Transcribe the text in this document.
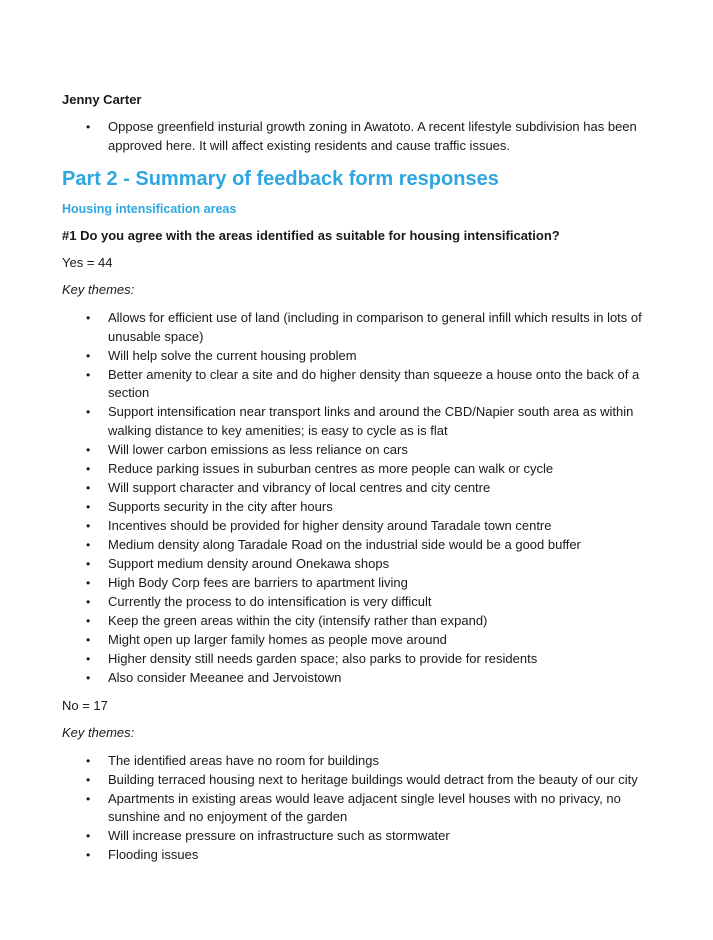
Jenny Carter
• Oppose greenfield insturial growth zoning in Awatoto. A recent lifestyle subdivision has been approved here. It will affect existing residents and cause traffic issues.
Part 2 - Summary of feedback form responses
Housing intensification areas
#1 Do you agree with the areas identified as suitable for housing intensification?
Yes = 44
Key themes:
• Allows for efficient use of land (including in comparison to general infill which results in lots of unusable space)
• Will help solve the current housing problem
• Better amenity to clear a site and do higher density than squeeze a house onto the back of a section
• Support intensification near transport links and around the CBD/Napier south area as within walking distance to key amenities; is easy to cycle as is flat
• Will lower carbon emissions as less reliance on cars
• Reduce parking issues in suburban centres as more people can walk or cycle
• Will support character and vibrancy of local centres and city centre
• Supports security in the city after hours
• Incentives should be provided for higher density around Taradale town centre
• Medium density along Taradale Road on the industrial side would be a good buffer
• Support medium density around Onekawa shops
• High Body Corp fees are barriers to apartment living
• Currently the process to do intensification is very difficult
• Keep the green areas within the city (intensify rather than expand)
• Might open up larger family homes as people move around
• Higher density still needs garden space; also parks to provide for residents
• Also consider Meeanee and Jervoistown
No = 17
Key themes:
• The identified areas have no room for buildings
• Building terraced housing next to heritage buildings would detract from the beauty of our city
• Apartments in existing areas would leave adjacent single level houses with no privacy, no sunshine and no enjoyment of the garden
• Will increase pressure on infrastructure such as stormwater
• Flooding issues
